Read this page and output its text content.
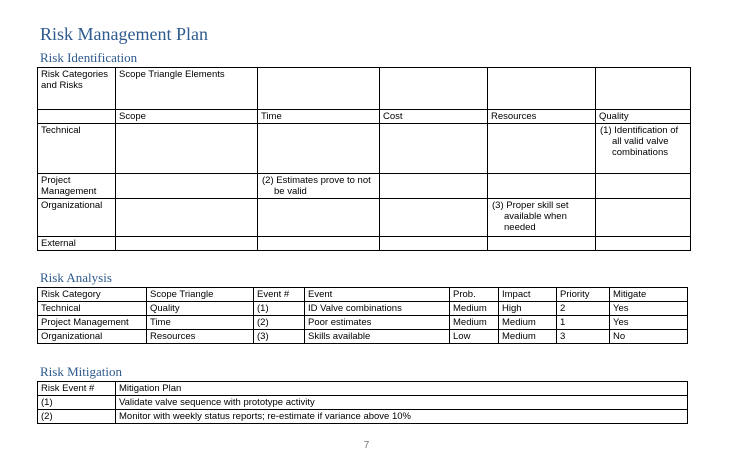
Risk Management Plan
Risk Identification
Risk Categories and Risks	Scope Triangle Elements				
	Scope	Time	Cost	Resources	Quality
Technical					(1) Identification of all valid valve combinations

Project Management		(2) Estimates prove to not be valid			

Organizational				(3) Proper skill set available when needed	

External					
Risk Analysis
Risk Category	Scope Triangle	Event #	Event	Prob.	Impact	Priority	Mitigate
Technical	Quality	(1)	ID Valve combinations	Medium	High	2	Yes
Project Management	Time	(2)	Poor estimates	Medium	Medium	1	Yes
Organizational	Resources	(3)	Skills available	Low	Medium	3	No
Risk Mitigation
Risk Event #	Mitigation Plan
(1)	Validate valve sequence with prototype activity
(2)	Monitor with weekly status reports; re-estimate if variance above 10%
7
